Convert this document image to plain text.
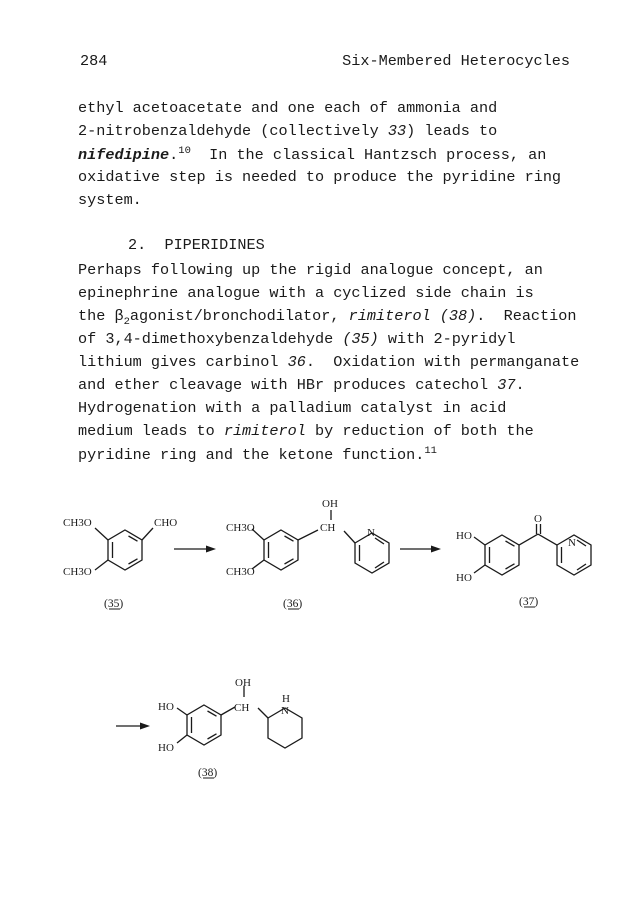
284	Six-Membered Heterocycles
ethyl acetoacetate and one each of ammonia and
2-nitrobenzaldehyde (collectively 33) leads to
nifedipine.$^{10}$  In the classical Hantzsch process, an
oxidative step is needed to produce the pyridine ring
system.
2.  PIPERIDINES
Perhaps following up the rigid analogue concept, an
epinephrine analogue with a cyclized side chain is
the $\beta_2agonist$/bronchodilator, rimiterol (38).  Reaction
of 3,4-dimethoxybenzaldehyde (35) with 2-pyridyl
lithium gives carbinol 36.  Oxidation with permanganate
and ether cleavage with HBr produces catechol 37.
Hydrogenation with a palladium catalyst in acid
medium leads to rimiterol by reduction of both the
pyridine ring and the ketone function.$^{11}$
CHO
CH3O
CH3O
(35)
OH
CH	N
CH3O
CH3O
(36)
O
N
HO
HO
(37)
OH
CH
H
N
HO
HO
(38)
